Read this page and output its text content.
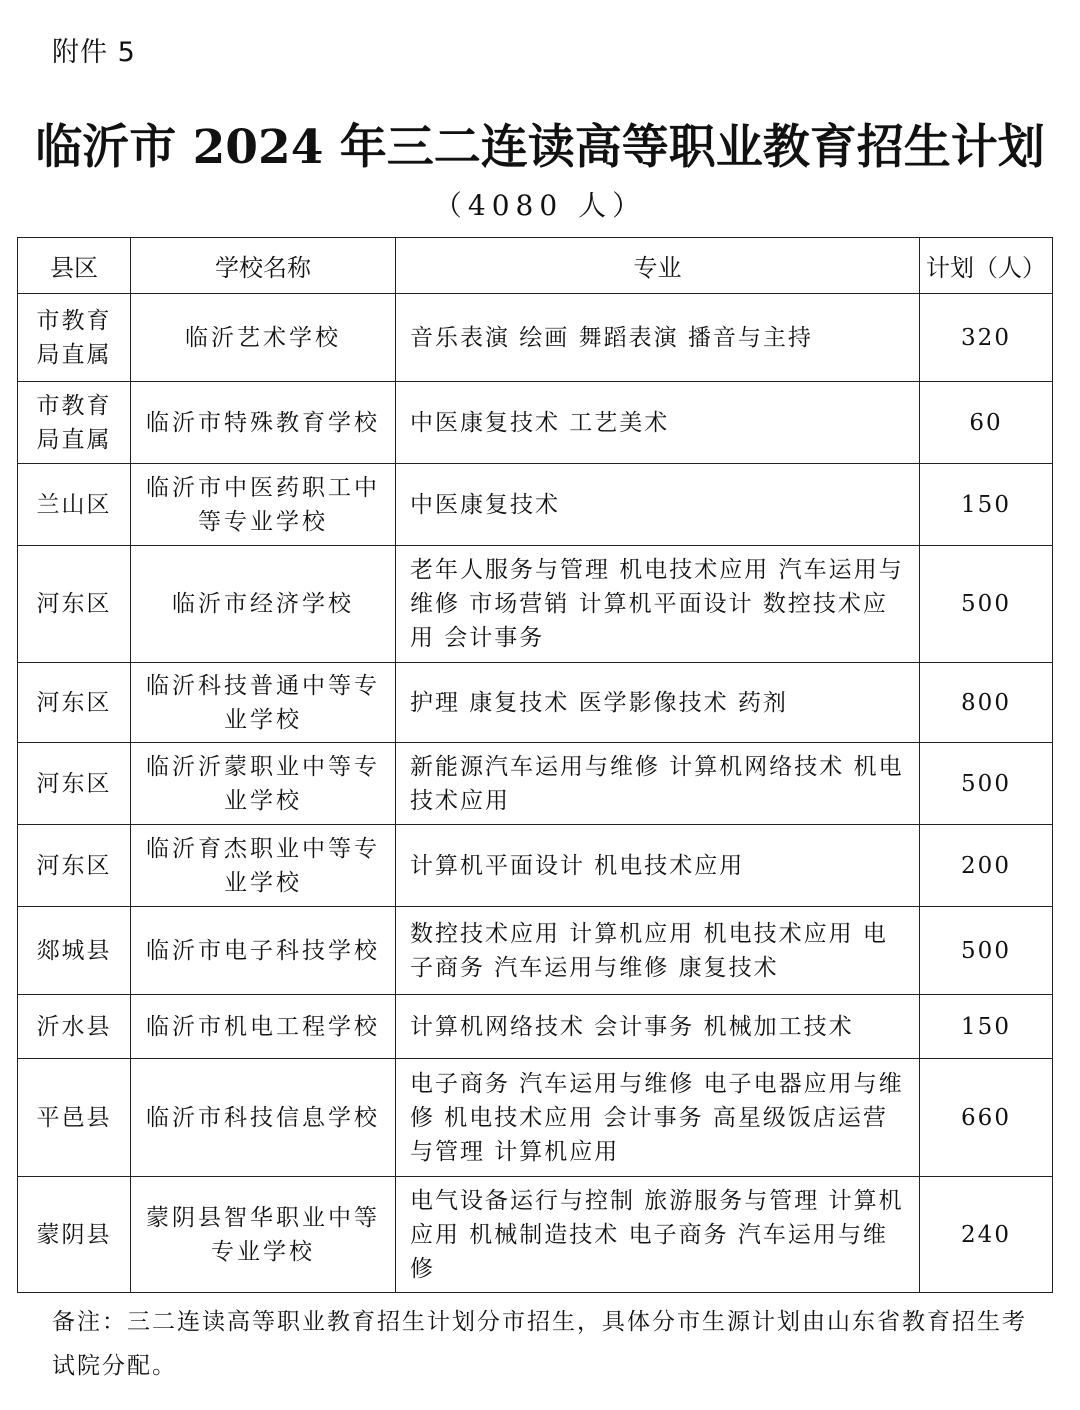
附件 5
临沂市 2024 年三二连读高等职业教育招生计划
（4080 人）
县区	学校名称	专业	计划（人）
市教育局直属	临沂艺术学校	音乐表演 绘画 舞蹈表演 播音与主持	320
市教育局直属	临沂市特殊教育学校	中医康复技术 工艺美术	60
兰山区	临沂市中医药职工中等专业学校	中医康复技术	150
河东区	临沂市经济学校	老年人服务与管理 机电技术应用 汽车运用与维修 市场营销 计算机平面设计 数控技术应用 会计事务	500
河东区	临沂科技普通中等专业学校	护理 康复技术 医学影像技术 药剂	800
河东区	临沂沂蒙职业中等专业学校	新能源汽车运用与维修 计算机网络技术 机电技术应用	500
河东区	临沂育杰职业中等专业学校	计算机平面设计 机电技术应用	200
郯城县	临沂市电子科技学校	数控技术应用 计算机应用 机电技术应用 电子商务 汽车运用与维修 康复技术	500
沂水县	临沂市机电工程学校	计算机网络技术 会计事务 机械加工技术	150
平邑县	临沂市科技信息学校	电子商务 汽车运用与维修 电子电器应用与维修 机电技术应用 会计事务 高星级饭店运营与管理 计算机应用	660
蒙阴县	蒙阴县智华职业中等专业学校	电气设备运行与控制 旅游服务与管理 计算机应用 机械制造技术 电子商务 汽车运用与维修	240
备注：三二连读高等职业教育招生计划分市招生，具体分市生源计划由山东省教育招生考试院分配。
